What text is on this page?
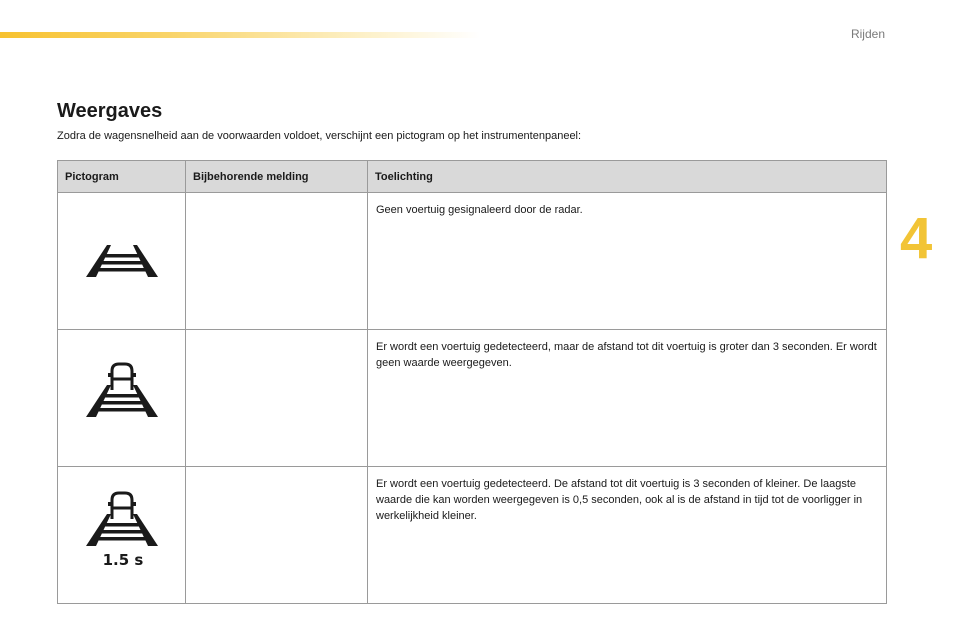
Rijden
4
Weergaves

Zodra de wagensnelheid aan de voorwaarden voldoet, verschijnt een pictogram op het instrumentenpaneel:

Pictogram	Bijbehorende melding	Toelichting

		Geen voertuig gesignaleerd door de radar.

		Er wordt een voertuig gedetecteerd, maar de afstand tot dit voertuig is groter dan 3 seconden. Er wordt geen waarde weergegeven.

1.5 s		Er wordt een voertuig gedetecteerd. De afstand tot dit voertuig is 3 seconden of kleiner. De laagste waarde die kan worden weergegeven is 0,5 seconden, ook al is de afstand in tijd tot de voorligger in werkelijkheid kleiner.
